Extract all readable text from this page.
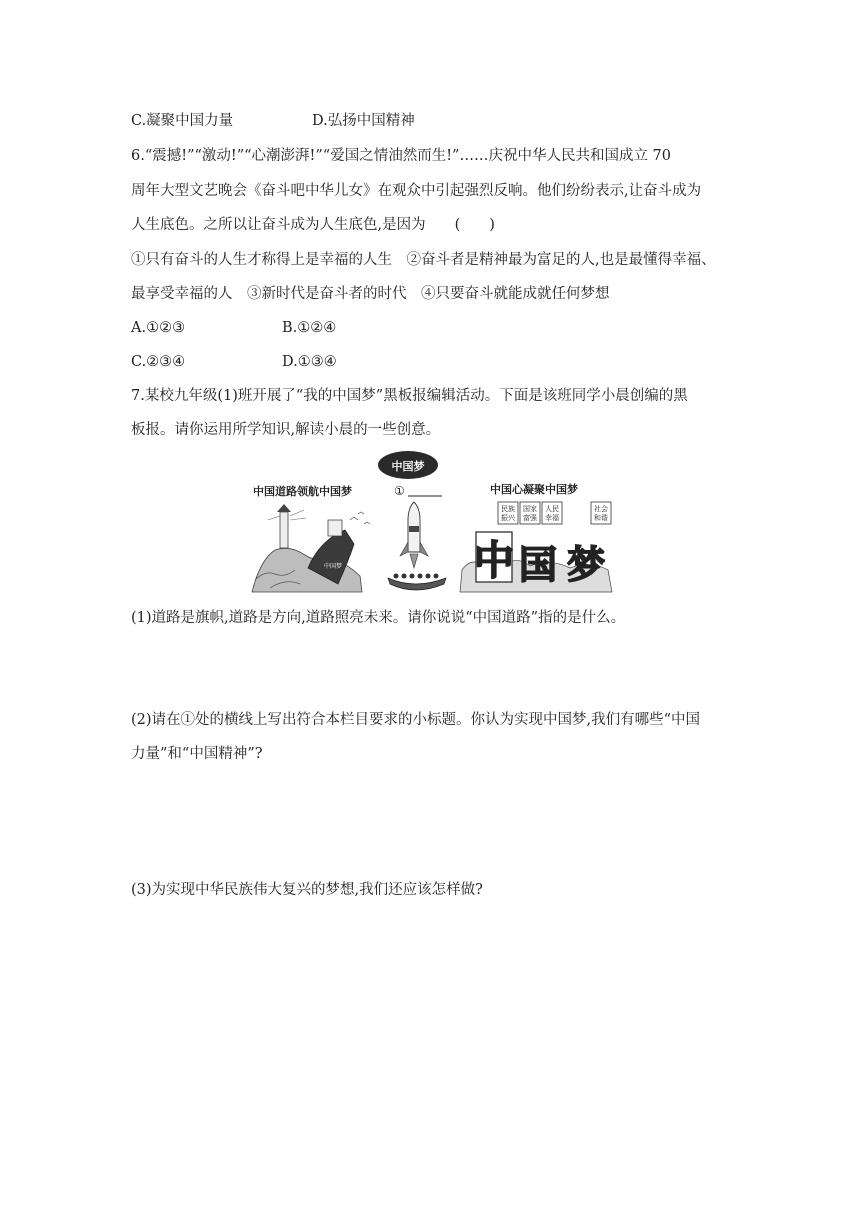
C.凝聚中国力量	D.弘扬中国精神
6.“震撼!”“激动!”“心潮澎湃!”“爱国之情油然而生!”……庆祝中华人民共和国成立 70
周年大型文艺晚会《奋斗吧中华儿女》在观众中引起强烈反响。他们纷纷表示,让奋斗成为
人生底色。之所以让奋斗成为人生底色,是因为　　(　　)
①只有奋斗的人生才称得上是幸福的人生　②奋斗者是精神最为富足的人,也是最懂得幸福、
最享受幸福的人　③新时代是奋斗者的时代　④只要奋斗就能成就任何梦想
A.①②③	B.①②④
C.②③④	D.①③④
7.某校九年级(1)班开展了“我的中国梦”黑板报编辑活动。下面是该班同学小晨创编的黑
板报。请你运用所学知识,解读小晨的一些创意。
中国梦
中国道路领航中国梦	①	中国心凝聚中国梦
中国梦
民族
振兴
国家
富强
人民
幸福
社会
和谐
中 国 梦
(1)道路是旗帜,道路是方向,道路照亮未来。请你说说“中国道路”指的是什么。
(2)请在①处的横线上写出符合本栏目要求的小标题。你认为实现中国梦,我们有哪些“中国
力量”和“中国精神”?
(3)为实现中华民族伟大复兴的梦想,我们还应该怎样做?
